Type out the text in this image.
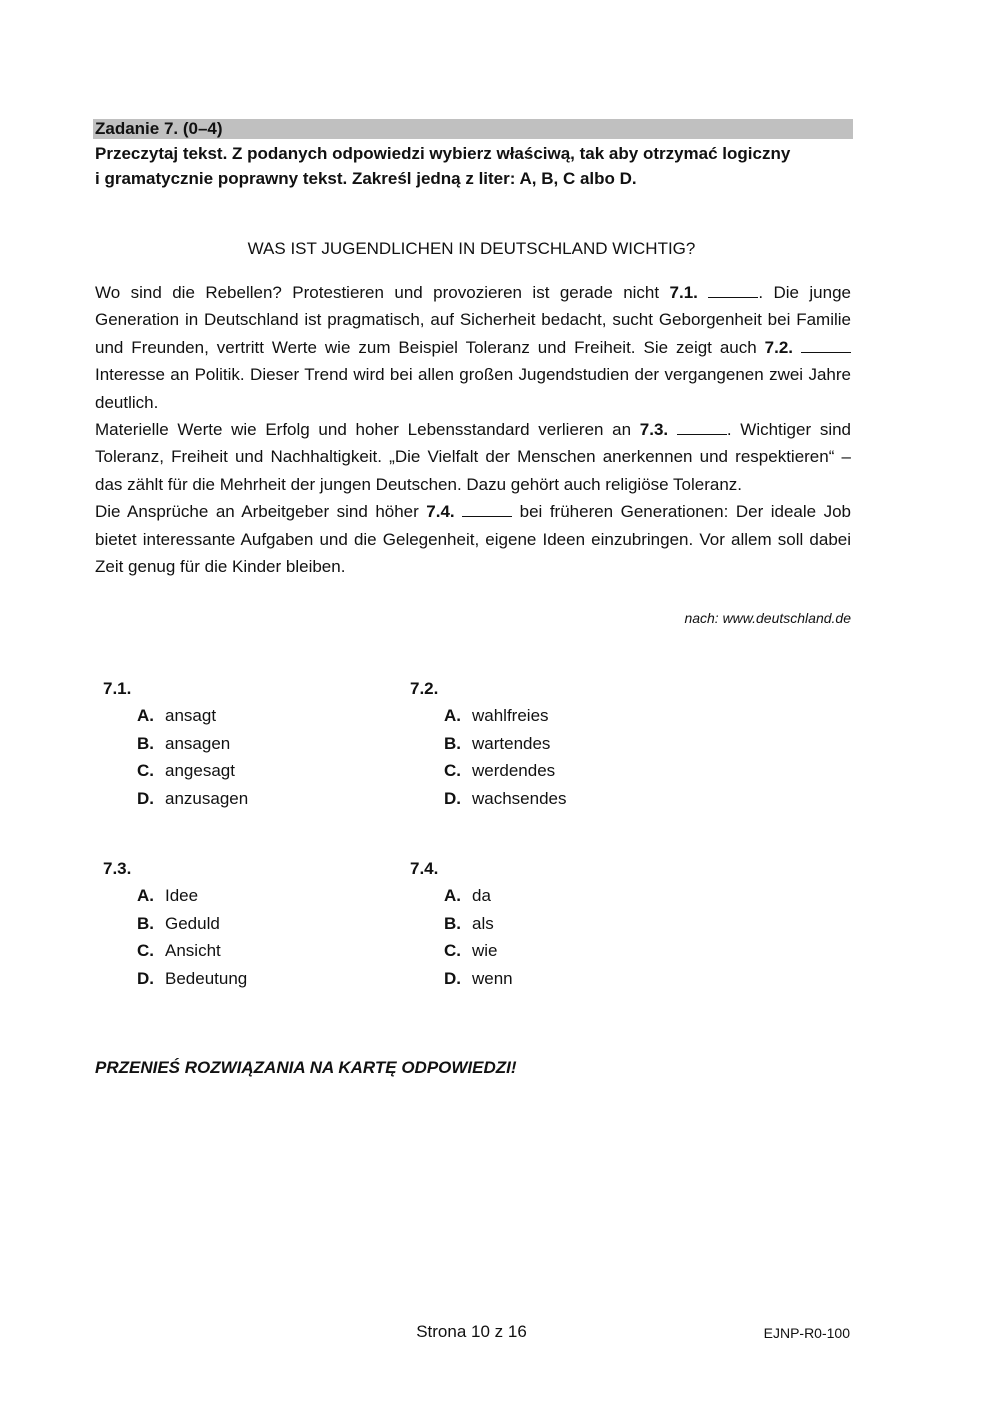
Zadanie 7. (0–4)
Przeczytaj tekst. Z podanych odpowiedzi wybierz właściwą, tak aby otrzymać logiczny
i gramatycznie poprawny tekst. Zakreśl jedną z liter: A, B, C albo D.
WAS IST JUGENDLICHEN IN DEUTSCHLAND WICHTIG?

Wo sind die Rebellen? Protestieren und provozieren ist gerade nicht 7.1.	. Die junge Generation in Deutschland ist pragmatisch, auf Sicherheit bedacht, sucht Geborgenheit bei Familie und Freunden, vertritt Werte wie zum Beispiel Toleranz und Freiheit. Sie zeigt auch 7.2.  Interesse an Politik. Dieser Trend wird bei allen großen Jugendstudien der vergangenen zwei Jahre deutlich.

Materielle Werte wie Erfolg und hoher Lebensstandard verlieren an 7.3.	. Wichtiger sind Toleranz, Freiheit und Nachhaltigkeit. „Die Vielfalt der Menschen anerkennen und respektieren“ – das zählt für die Mehrheit der jungen Deutschen. Dazu gehört auch religiöse Toleranz.

Die Ansprüche an Arbeitgeber sind höher 7.4.	bei früheren Generationen: Der ideale Job bietet interessante Aufgaben und die Gelegenheit, eigene Ideen einzubringen. Vor allem soll dabei Zeit genug für die Kinder bleiben.

nach: www.deutschland.de
7.1.
A. ansagt
B. ansagen
C. angesagt
D. anzusagen
7.2.
A. wahlfreies
B. wartendes
C. werdendes
D. wachsendes
7.3.
A. Idee
B. Geduld
C. Ansicht
D. Bedeutung
7.4.
A. da
B. als
C. wie
D. wenn
PRZENIEŚ ROZWIĄZANIA NA KARTĘ ODPOWIEDZI!
Strona 10 z 16	EJNP-R0-100
